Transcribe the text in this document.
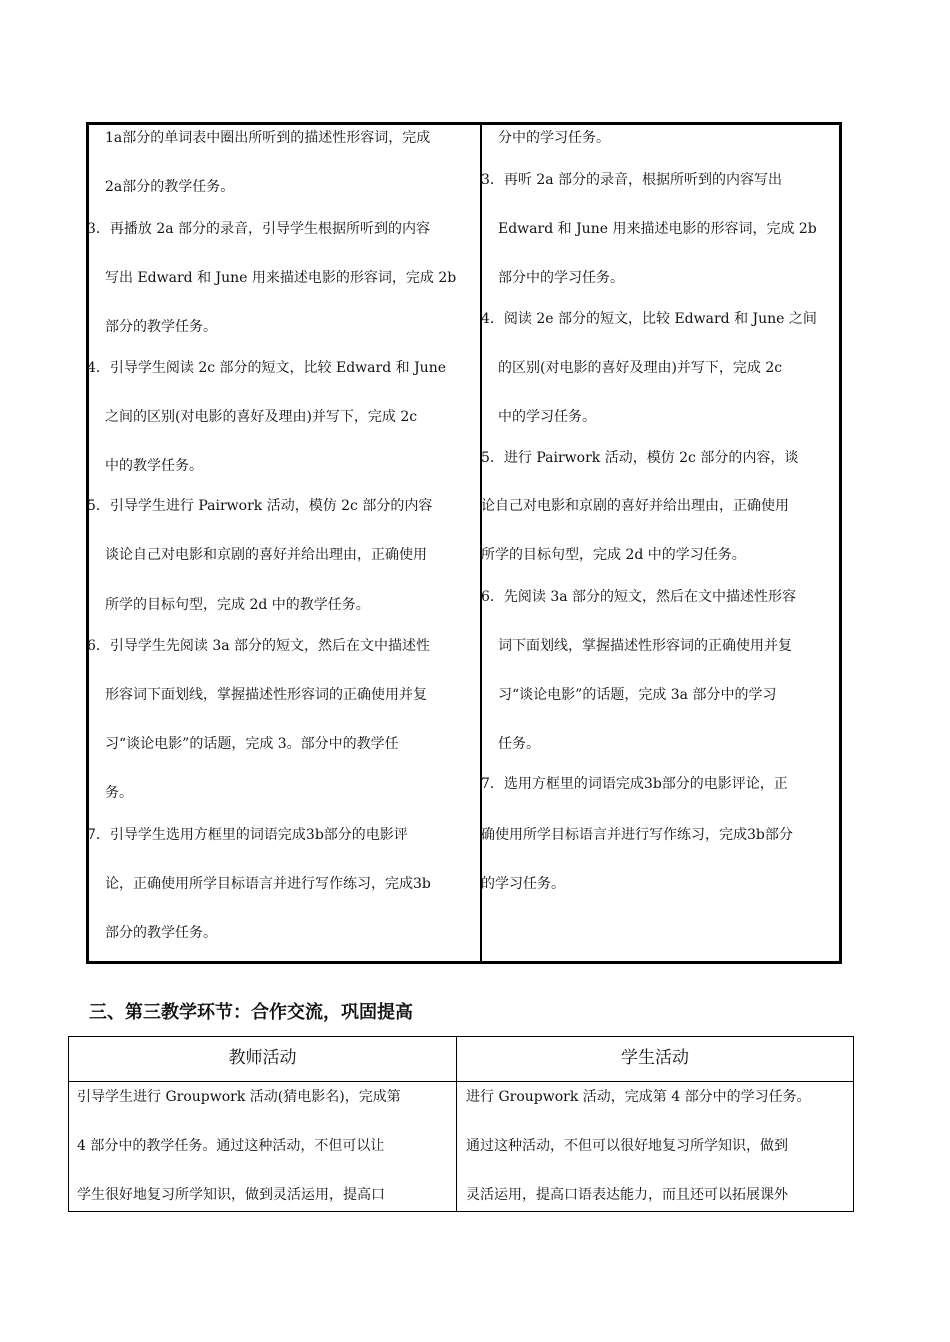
1a部分的单词表中圈出所听到的描述性形容词，完成
2a部分的教学任务。
3．再播放 2a 部分的录音，引导学生根据所听到的内容
写出 Edward 和 June 用来描述电影的形容词，完成 2b
部分的教学任务。
4．引导学生阅读 2c 部分的短文，比较 Edward 和 June
之间的区别(对电影的喜好及理由)并写下，完成 2c
中的教学任务。
5．引导学生进行 Pairwork 活动，模仿 2c 部分的内容
谈论自己对电影和京剧的喜好并给出理由，正确使用
所学的目标句型，完成 2d 中的教学任务。
6．引导学生先阅读 3a 部分的短文，然后在文中描述性
形容词下面划线，掌握描述性形容词的正确使用并复
习“谈论电影”的话题，完成 3。部分中的教学任
务。
7．引导学生选用方框里的词语完成3b部分的电影评
论，正确使用所学目标语言并进行写作练习，完成3b
部分的教学任务。
分中的学习任务。
3．再听 2a 部分的录音，根据所听到的内容写出
Edward 和 June 用来描述电影的形容词，完成 2b
部分中的学习任务。
4．阅读 2e 部分的短文，比较 Edward 和 June 之间
的区别(对电影的喜好及理由)并写下，完成 2c
中的学习任务。
5．进行 Pairwork 活动，模仿 2c 部分的内容，谈
论自己对电影和京剧的喜好并给出理由，正确使用
所学的目标句型，完成 2d 中的学习任务。
6．先阅读 3a 部分的短文，然后在文中描述性形容
词下面划线，掌握描述性形容词的正确使用并复
习“谈论电影”的话题，完成 3a 部分中的学习
任务。
7．选用方框里的词语完成3b部分的电影评论，正
确使用所学目标语言并进行写作练习，完成3b部分
的学习任务。
三、第三教学环节：合作交流，巩固提高
教师活动	学生活动
引导学生进行 Groupwork 活动(猜电影名)，完成第
4 部分中的教学任务。通过这种活动，不但可以让
学生很好地复习所学知识，做到灵活运用，提高口
进行 Groupwork 活动，完成第 4 部分中的学习任务。
通过这种活动，不但可以很好地复习所学知识，做到
灵活运用，提高口语表达能力，而且还可以拓展课外
